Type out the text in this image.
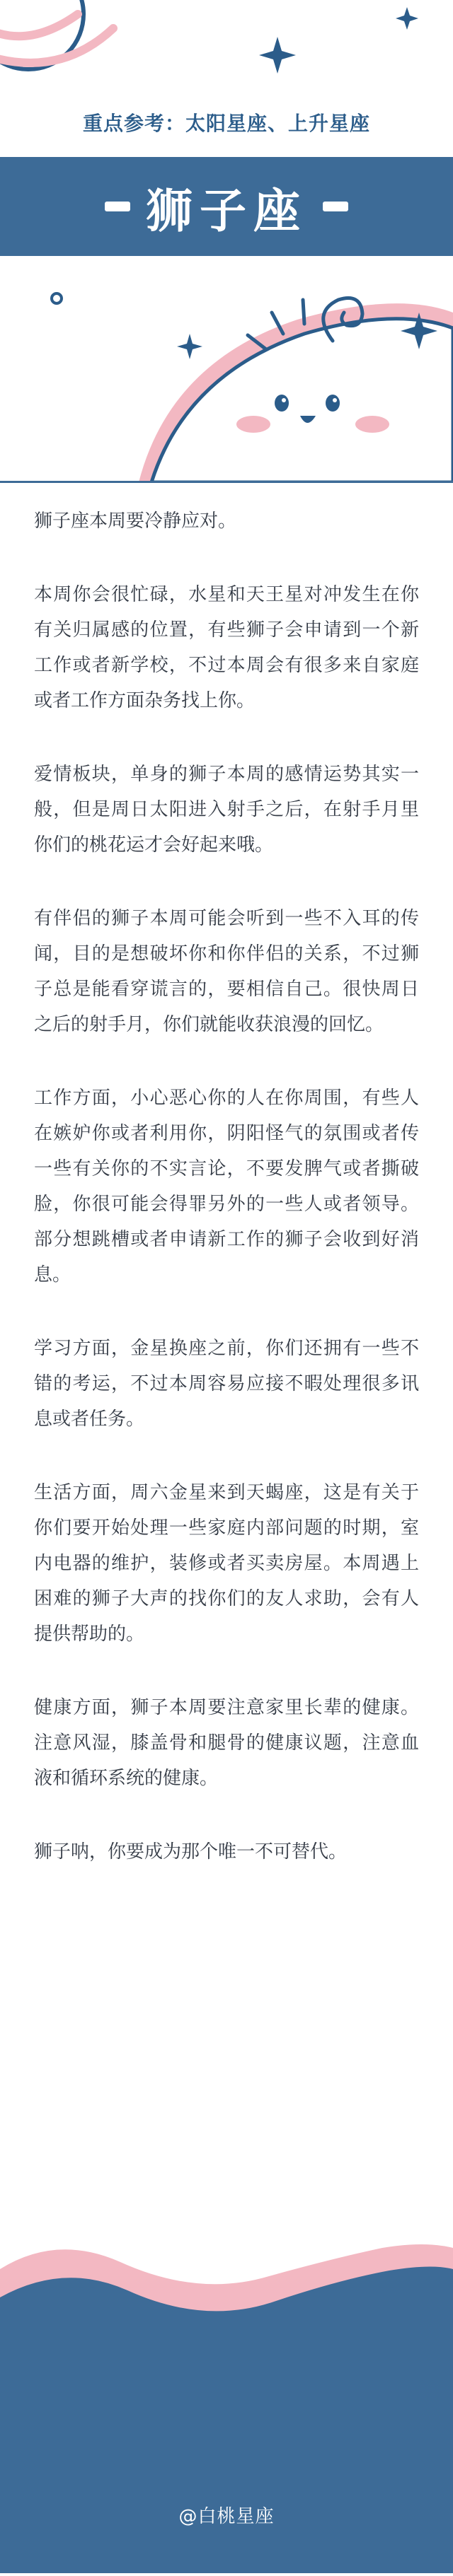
重点参考：太阳星座、上升星座
狮子座

狮子座本周要冷静应对。

本周你会很忙碌，水星和天王星对冲发生在你有关归属感的位置，有些狮子会申请到一个新工作或者新学校，不过本周会有很多来自家庭或者工作方面杂务找上你。

爱情板块，单身的狮子本周的感情运势其实一般，但是周日太阳进入射手之后，在射手月里你们的桃花运才会好起来哦。

有伴侣的狮子本周可能会听到一些不入耳的传闻，目的是想破坏你和你伴侣的关系，不过狮子总是能看穿谎言的，要相信自己。很快周日之后的射手月，你们就能收获浪漫的回忆。

工作方面，小心恶心你的人在你周围，有些人在嫉妒你或者利用你，阴阳怪气的氛围或者传一些有关你的不实言论，不要发脾气或者撕破脸，你很可能会得罪另外的一些人或者领导。部分想跳槽或者申请新工作的狮子会收到好消息。

学习方面，金星换座之前，你们还拥有一些不错的考运，不过本周容易应接不暇处理很多讯息或者任务。

生活方面，周六金星来到天蝎座，这是有关于你们要开始处理一些家庭内部问题的时期，室内电器的维护，装修或者买卖房屋。本周遇上困难的狮子大声的找你们的友人求助，会有人提供帮助的。

健康方面，狮子本周要注意家里长辈的健康。注意风湿，膝盖骨和腿骨的健康议题，注意血液和循环系统的健康。

狮子呐，你要成为那个唯一不可替代。

@白桃星座
